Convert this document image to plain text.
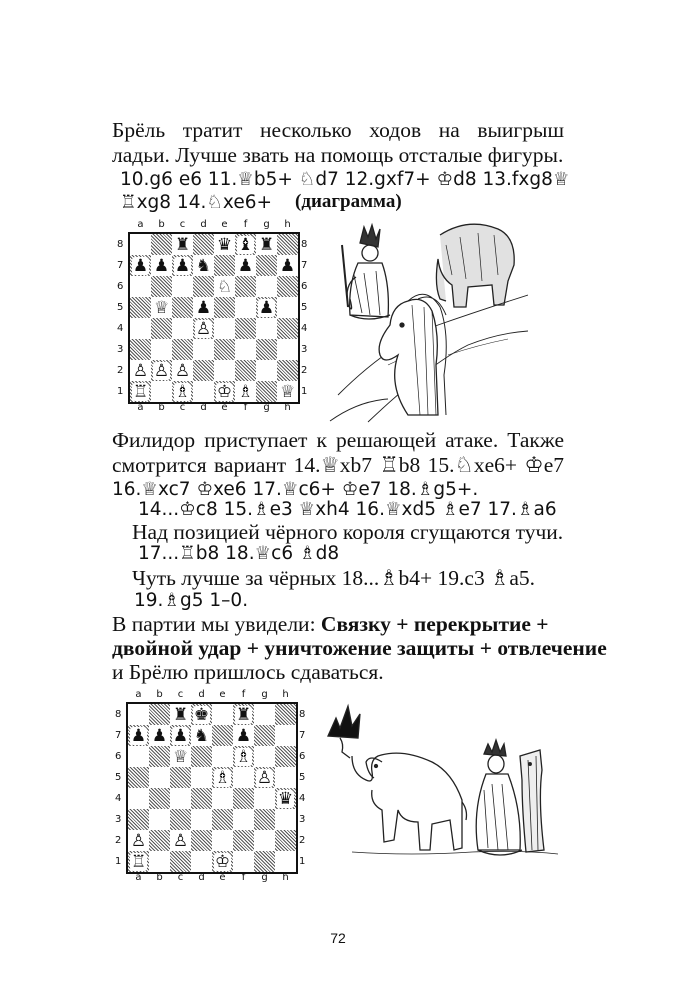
Брёль тратит несколько ходов на выигрыш
ладьи. Лучше звать на помощь отсталые фигуры.
10.g6 e6 11.♕b5+ ♘d7 12.gxf7+ ♔d8 13.fxg8♕
♖xg8 14.♘xe6+ (диаграмма)
♜ ♛ ♝ ♜
♟ ♟ ♟ ♞ ♟ ♟
♘
♕ ♟	♟
♙
♙ ♙ ♙
♖ ♗ ♔ ♗ ♕
a
a
b
b
c
c
d
d
e
e
f
f
g
g
h
h
8	8
7	7
6	6
5	5
4	4
3	3
2	2
1	1
Филидор приступает к решающей атаке. Также
смотрится вариант 14.♕xb7 ♖b8 15.♘xe6+ ♔e7
16.♕xc7 ♔xe6 17.♕c6+ ♔e7 18.♗g5+.
14...♔c8 15.♗e3 ♕xh4 16.♕xd5 ♗e7 17.♗a6
Над позицией чёрного короля сгущаются тучи.
17...♖b8 18.♕c6 ♗d8
Чуть лучше за чёрных 18...♗b4+ 19.c3 ♗a5.
19.♗g5 1–0.
В партии мы увидели: Связку + перекрытие +
двойной удар + уничтожение защиты + отвлечение
и Брёлю пришлось сдаваться.
♜ ♚ ♜
♟ ♟ ♟ ♞ ♟
♕	♗
♗ ♙
♛
♙ ♙
♖	♔
a
a
b
b
c
c
d
d
e
e
f
f
g
g
h
h
8	8
7	7
6	6
5	5
4	4
3	3
2	2
1	1
72
